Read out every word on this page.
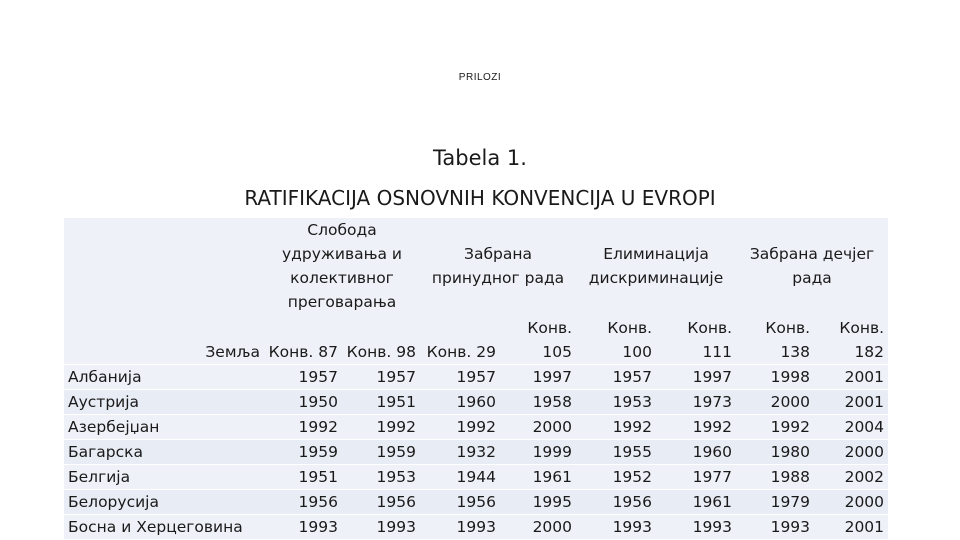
PRILOZI
Tabela 1.
RATIFIKACIJA OSNOVNIH KONVENCIJA U EVROPI
	Слобода удруживања и колективног преговарања		Забрана принудног рада		Елиминација дискриминације		Забрана дечјег рада	
Земља	Конв. 87	Конв. 98	Конв. 29	Конв. 105	Конв. 100	Конв. 111	Конв. 138	Конв. 182
Албанија	1957	1957	1957	1997	1957	1997	1998	2001
Аустрија	1950	1951	1960	1958	1953	1973	2000	2001
Азербејџан	1992	1992	1992	2000	1992	1992	1992	2004
Багарска	1959	1959	1932	1999	1955	1960	1980	2000
Белгија	1951	1953	1944	1961	1952	1977	1988	2002
Белорусија	1956	1956	1956	1995	1956	1961	1979	2000
Босна и Херцеговина	1993	1993	1993	2000	1993	1993	1993	2001
